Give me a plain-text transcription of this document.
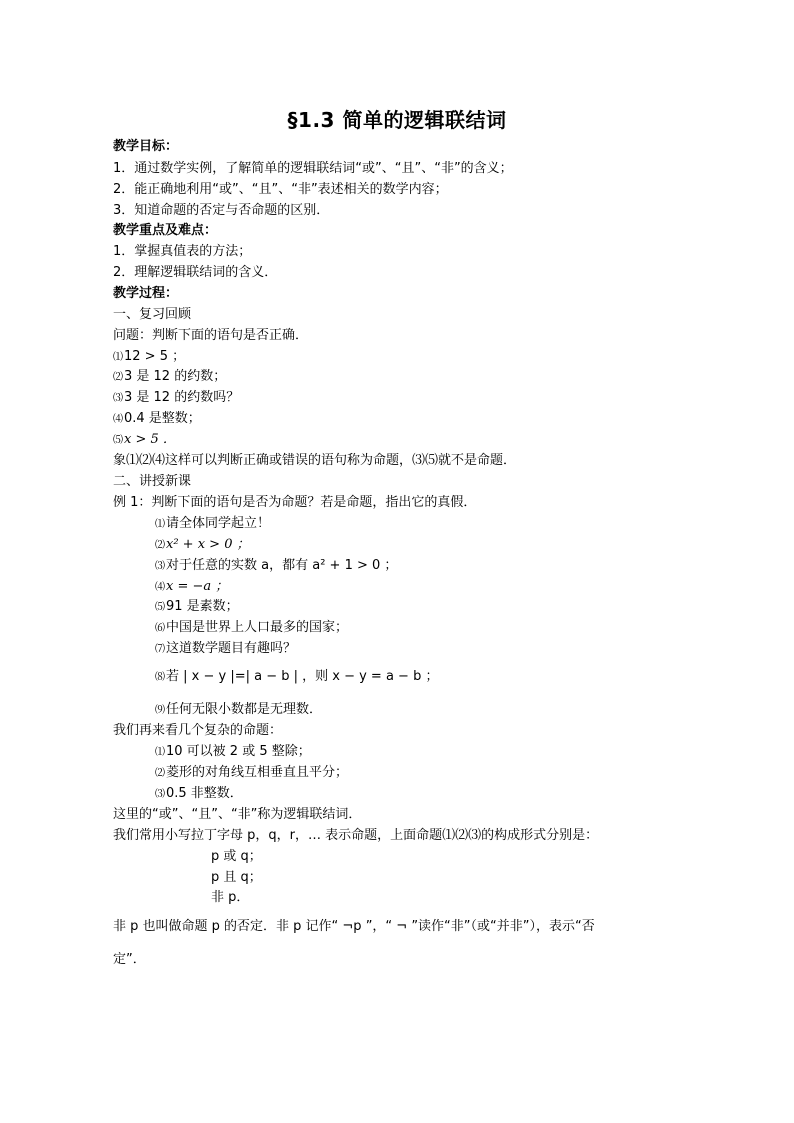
§1.3 简单的逻辑联结词
教学目标：
1．通过数学实例，了解简单的逻辑联结词“或”、“且”、“非”的含义；
2．能正确地利用“或”、“且”、“非”表述相关的数学内容；
3．知道命题的否定与否命题的区别．
教学重点及难点：
1．掌握真值表的方法；
2．理解逻辑联结词的含义．
教学过程：
一、复习回顾
问题：判断下面的语句是否正确．
⑴12 > 5 ；
⑵3 是 12 的约数；
⑶3 是 12 的约数吗？
⑷0.4 是整数；
⑸x > 5 ．
象⑴⑵⑷这样可以判断正确或错误的语句称为命题，⑶⑸就不是命题．
二、讲授新课
例 1：判断下面的语句是否为命题？若是命题，指出它的真假．
⑴请全体同学起立！
⑵x² + x > 0 ；
⑶对于任意的实数 a，都有 a² + 1 > 0 ；
⑷x = −a ；
⑸91 是素数；
⑹中国是世界上人口最多的国家；
⑺这道数学题目有趣吗？
⑻若 | x − y |=| a − b | ，则 x − y = a − b ；
⑼任何无限小数都是无理数．
我们再来看几个复杂的命题：
⑴10 可以被 2 或 5 整除；
⑵菱形的对角线互相垂直且平分；
⑶0.5 非整数．
这里的“或”、“且”、“非”称为逻辑联结词．
我们常用小写拉丁字母 p，q，r，… 表示命题，上面命题⑴⑵⑶的构成形式分别是：
p 或 q；
p 且 q；
非 p．
非 p 也叫做命题 p 的否定．非 p 记作“ ¬p ”，“ ¬ ”读作“非”（或“并非”），表示“否
定”．
